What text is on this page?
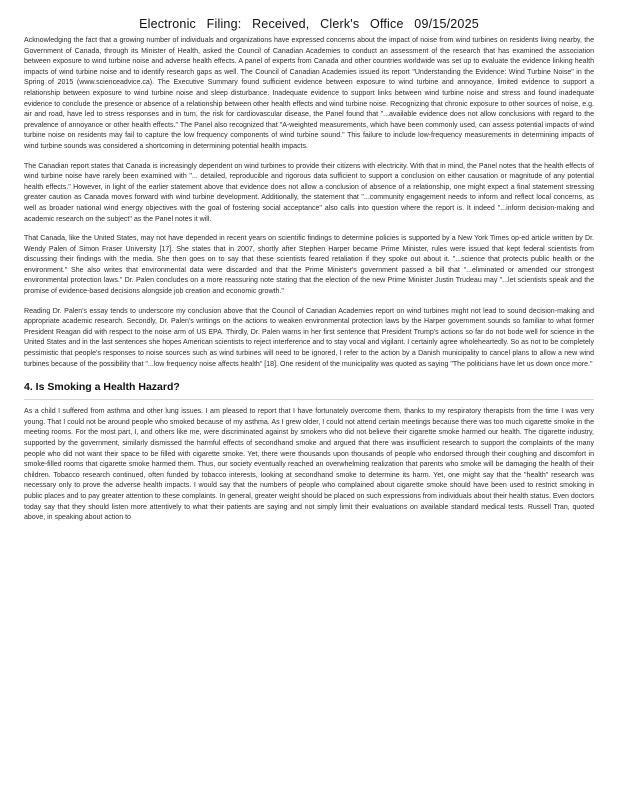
Electronic Filing: Received, Clerk's Office 09/15/2025

Acknowledging the fact that a growing number of individuals and organizations have expressed concerns about the impact of noise from wind turbines on residents living nearby, the Government of Canada, through its Minister of Health, asked the Council of Canadian Academies to conduct an assessment of the research that has examined the association between exposure to wind turbine noise and adverse health effects. A panel of experts from Canada and other countries worldwide was set up to evaluate the evidence linking health impacts of wind turbine noise and to identify research gaps as well. The Council of Canadian Academies issued its report "Understanding the Evidence: Wind Turbine Noise" in the Spring of 2015 (www.scienceadvice.ca). The Executive Summary found sufficient evidence between exposure to wind turbine and annoyance, limited evidence to support a relationship between exposure to wind turbine noise and sleep disturbance. Inadequate evidence to support links between wind turbine noise and stress and found inadequate evidence to conclude the presence or absence of a relationship between other health effects and wind turbine noise. Recognizing that chronic exposure to other sources of noise, e.g. air and road, have led to stress responses and in turn, the risk for cardiovascular disease, the Panel found that "...available evidence does not allow conclusions with regard to the prevalence of annoyance or other health effects." The Panel also recognized that "A-weighted measurements, which have been commonly used, can assess potential impacts of wind turbine noise on residents may fail to capture the low frequency components of wind turbine sound." This failure to include low-frequency measurements in determining impacts of wind turbine sounds was considered a shortcoming in determining potential health impacts.

The Canadian report states that Canada is increasingly dependent on wind turbines to provide their citizens with electricity. With that in mind, the Panel notes that the health effects of wind turbine noise have rarely been examined with "... detailed, reproducible and rigorous data sufficient to support a conclusion on either causation or magnitude of any potential health effects." However, in light of the earlier statement above that evidence does not allow a conclusion of absence of a relationship, one might expect a final statement stressing greater caution as Canada moves forward with wind turbine development. Additionally, the statement that "...community engagement needs to inform and reflect local concerns, as well as broader national wind energy objectives with the goal of fostering social acceptance" also calls into question where the report is. It indeed "...inform decision-making and academic research on the subject" as the Panel notes it will.

That Canada, like the United States, may not have depended in recent years on scientific findings to determine policies is supported by a New York Times op-ed article written by Dr. Wendy Palen of Simon Fraser University [17]. She states that in 2007, shortly after Stephen Harper became Prime Minister, rules were issued that kept federal scientists from discussing their findings with the media. She then goes on to say that these scientists feared retaliation if they spoke out about it. "...science that protects public health or the environment." She also writes that environmental data were discarded and that the Prime Minister's government passed a bill that "...eliminated or amended our strongest environmental protection laws." Dr. Palen concludes on a more reassuring note stating that the election of the new Prime Minister Justin Trudeau may "...let scientists speak and the promise of evidence-based decisions alongside job creation and economic growth."

Reading Dr. Palen's essay tends to underscore my conclusion above that the Council of Canadian Academies report on wind turbines might not lead to sound decision-making and appropriate academic research. Secondly, Dr. Palen's writings on the actions to weaken environmental protection laws by the Harper government sounds so familiar to what former President Reagan did with respect to the noise arm of US EPA. Thirdly, Dr. Palen warns in her first sentence that President Trump's actions so far do not bode well for science in the United States and in the last sentences she hopes American scientists to reject interference and to stay vocal and vigilant. I certainly agree wholeheartedly. So as not to be completely pessimistic that people's responses to noise sources such as wind turbines will need to be ignored, I refer to the action by a Danish municipality to cancel plans to allow a new wind turbines because of the possibility that "...low frequency noise affects health" [18]. One resident of the municipality was quoted as saying "The politicians have let us down once more."

4. Is Smoking a Health Hazard?

As a child I suffered from asthma and other lung issues. I am pleased to report that I have fortunately overcome them, thanks to my respiratory therapists from the time I was very young. That I could not be around people who smoked because of my asthma. As I grew older, I could not attend certain meetings because there was too much cigarette smoke in the meeting rooms. For the most part, I, and others like me, were discriminated against by smokers who did not believe their cigarette smoke harmed our health. The cigarette industry, supported by the government, similarly dismissed the harmful effects of secondhand smoke and argued that there was insufficient research to support the complaints of the many people who did not want their space to be filled with cigarette smoke. Yet, there were thousands upon thousands of people who endorsed through their coughing and discomfort in smoke-filled rooms that cigarette smoke harmed them. Thus, our society eventually reached an overwhelming realization that parents who smoke will be damaging the health of their children. Tobacco research continued, often funded by tobacco interests, looking at secondhand smoke to determine its harm. Yet, one might say that the "health" research was necessary only to prove the adverse health impacts. I would say that the numbers of people who complained about cigarette smoke should have been used to restrict smoking in public places and to pay greater attention to these complaints. In general, greater weight should be placed on such expressions from individuals about their health status. Even doctors today say that they should listen more attentively to what their patients are saying and not simply limit their evaluations on available standard medical tests. Russell Tran, quoted above, in speaking about action to
